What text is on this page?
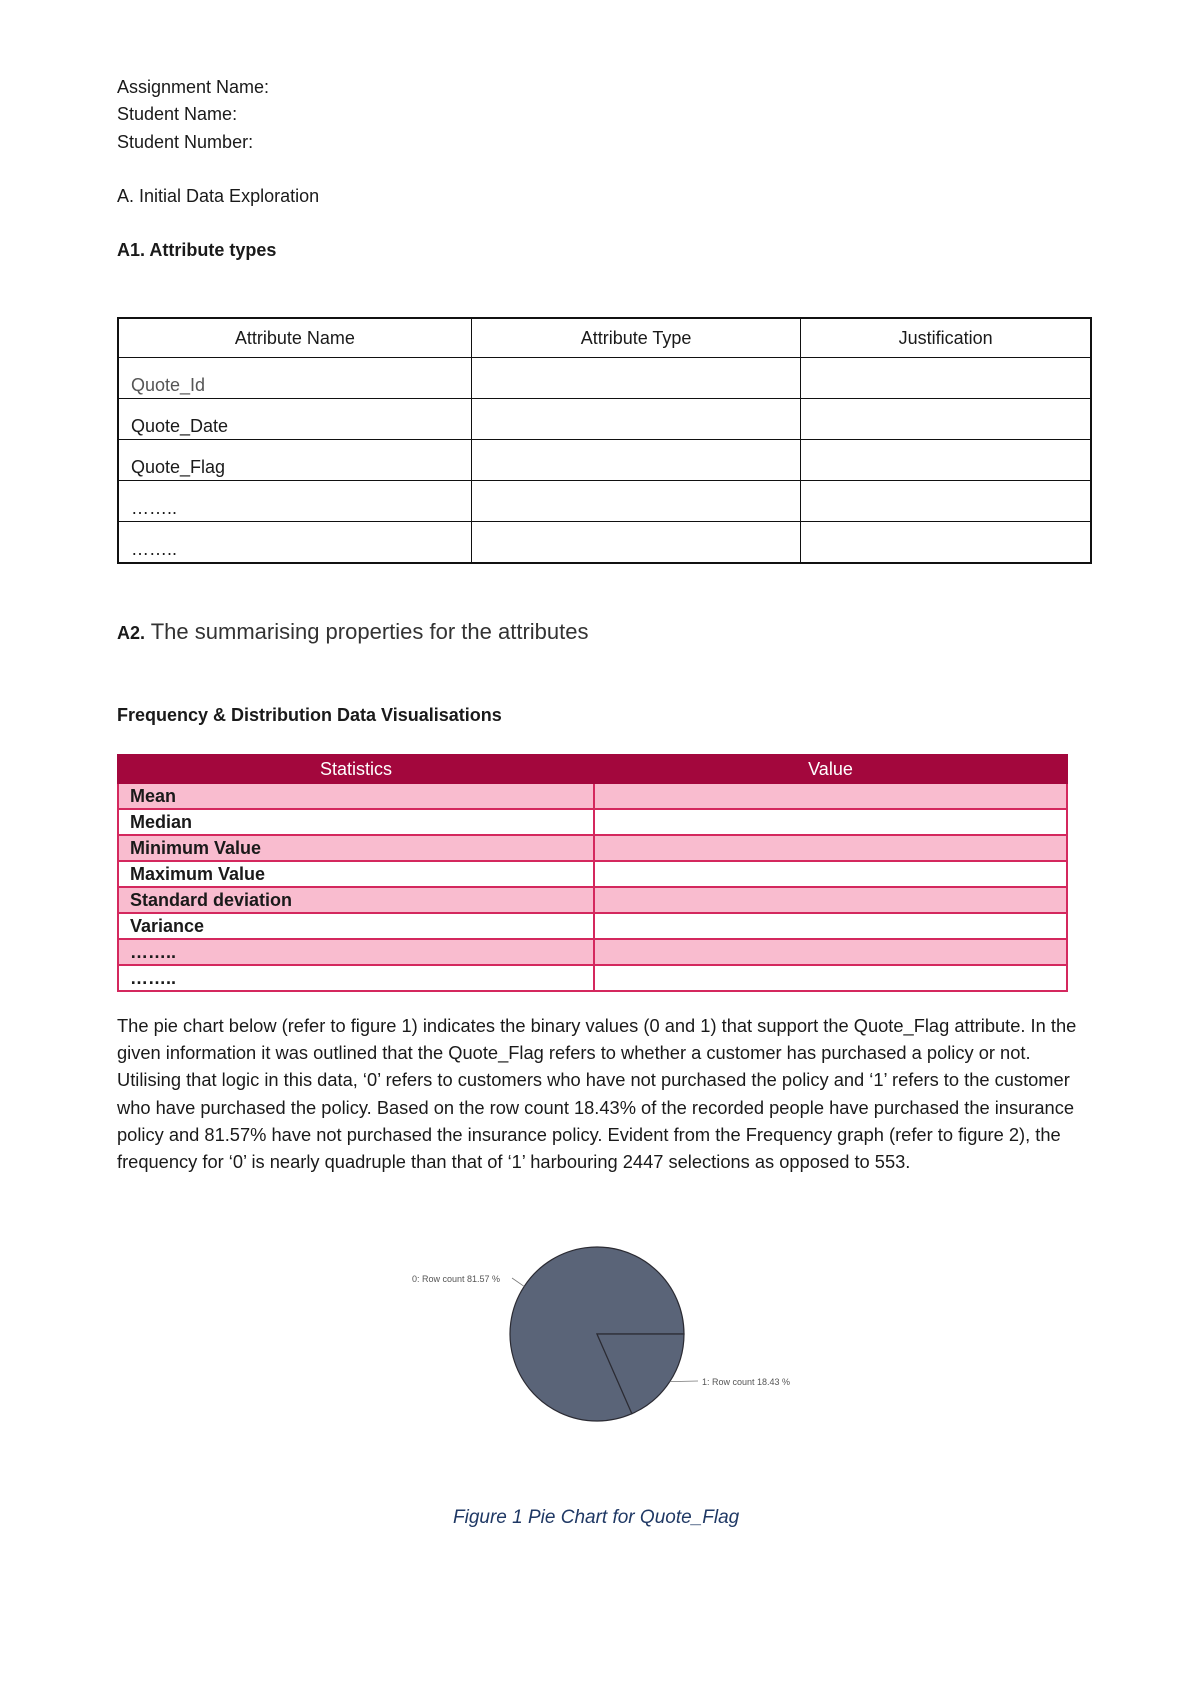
Assignment Name:
Student Name:
Student Number:
A. Initial Data Exploration
A1. Attribute types
Attribute Name	Attribute Type	Justification
Quote_Id		
Quote_Date		
Quote_Flag		
……..		
……..		
A2. The summarising properties for the attributes
Frequency & Distribution Data Visualisations
Statistics	Value
Mean	
Median	
Minimum Value	
Maximum Value	
Standard deviation	
Variance	
……..	
……..	
The pie chart below (refer to figure 1) indicates the binary values (0 and 1) that support the Quote_Flag attribute. In the given information it was outlined that the Quote_Flag refers to whether a customer has purchased a policy or not. Utilising that logic in this data, ‘0’ refers to customers who have not purchased the policy and ‘1’ refers to the customer who have purchased the policy. Based on the row count 18.43% of the recorded people have purchased the insurance policy and 81.57% have not purchased the insurance policy. Evident from the Frequency graph (refer to figure 2), the frequency for ‘0’ is nearly quadruple than that of ‘1’ harbouring 2447 selections as opposed to 553.
0: Row count 81.57 %
1: Row count 18.43 %
Figure 1 Pie Chart for Quote_Flag
